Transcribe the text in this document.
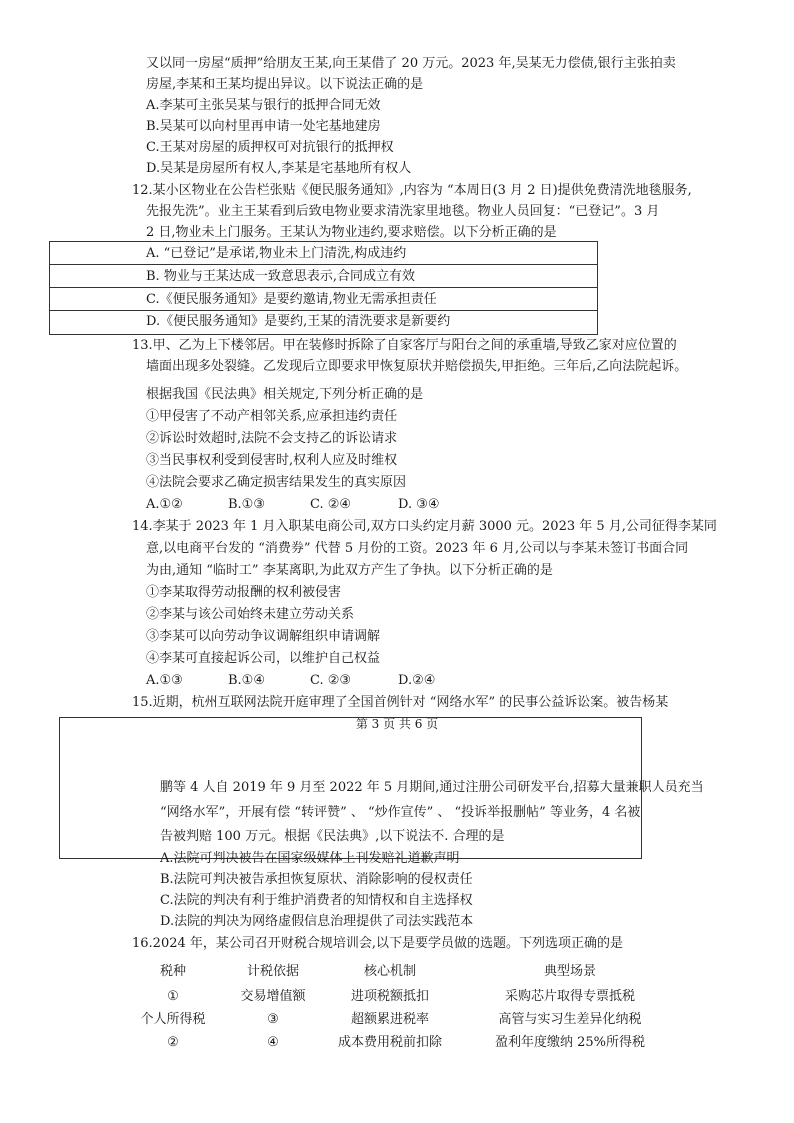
又以同一房屋“质押”给朋友王某,向王某借了 20 万元。2023 年,吴某无力偿债,银行主张拍卖
房屋,李某和王某均提出异议。以下说法正确的是
A.李某可主张吴某与银行的抵押合同无效
B.吴某可以向村里再申请一处宅基地建房
C.王某对房屋的质押权可对抗银行的抵押权
D.吴某是房屋所有权人,李某是宅基地所有权人
12.某小区物业在公告栏张贴《便民服务通知》,内容为 “本周日(3 月 2 日)提供免费清洗地毯服务,
先报先洗”。业主王某看到后致电物业要求清洗家里地毯。物业人员回复：“已登记”。3 月
2 日,物业未上门服务。王某认为物业违约,要求赔偿。以下分析正确的是
A. “已登记”是承诺,物业未上门清洗,构成违约
B. 物业与王某达成一致意思表示,合同成立有效
C.《便民服务通知》是要约邀请,物业无需承担责任
D.《便民服务通知》是要约,王某的清洗要求是新要约
13.甲、乙为上下楼邻居。甲在装修时拆除了自家客厅与阳台之间的承重墙,导致乙家对应位置的
墙面出现多处裂缝。乙发现后立即要求甲恢复原状并赔偿损失,甲拒绝。三年后,乙向法院起诉。
根据我国《民法典》相关规定,下列分析正确的是
①甲侵害了不动产相邻关系,应承担违约责任
②诉讼时效超时,法院不会支持乙的诉讼请求
③当民事权利受到侵害时,权利人应及时维权
④法院会要求乙确定损害结果发生的真实原因
A.①②	B.①③	C. ②④	D. ③④
14.李某于 2023 年 1 月入职某电商公司,双方口头约定月薪 3000 元。2023 年 5 月,公司征得李某同
意,以电商平台发的 “消费券” 代替 5 月份的工资。2023 年 6 月,公司以与李某未签订书面合同
为由,通知 “临时工” 李某离职,为此双方产生了争执。以下分析正确的是
①李某取得劳动报酬的权利被侵害
②李某与该公司始终未建立劳动关系
③李某可以向劳动争议调解组织申请调解
④李某可直接起诉公司，以维护自己权益
A.①③	B.①④	C. ②③	D.②④
15.近期，杭州互联网法院开庭审理了全国首例针对 “网络水军” 的民事公益诉讼案。被告杨某
第 3 页 共 6 页
鹏等 4 人自 2019 年 9 月至 2022 年 5 月期间,通过注册公司研发平台,招募大量兼职人员充当
“网络水军”，开展有偿 “转评赞” 、 “炒作宣传” 、 “投诉举报删帖” 等业务，4 名被
告被判赔 100 万元。根据《民法典》,以下说法不. 合理的是
A.法院可判决被告在国家级媒体上刊发赔礼道歉声明
B.法院可判决被告承担恢复原状、消除影响的侵权责任
C.法院的判决有利于维护消费者的知情权和自主选择权
D.法院的判决为网络虚假信息治理提供了司法实践范本
16.2024 年，某公司召开财税合规培训会,以下是要学员做的选题。下列选项正确的是
税种	计税依据	核心机制	典型场景
①	交易增值额	进项税额抵扣	采购芯片取得专票抵税
个人所得税	③	超额累进税率	高管与实习生差异化纳税
②	④	成本费用税前扣除	盈利年度缴纳 25%所得税
